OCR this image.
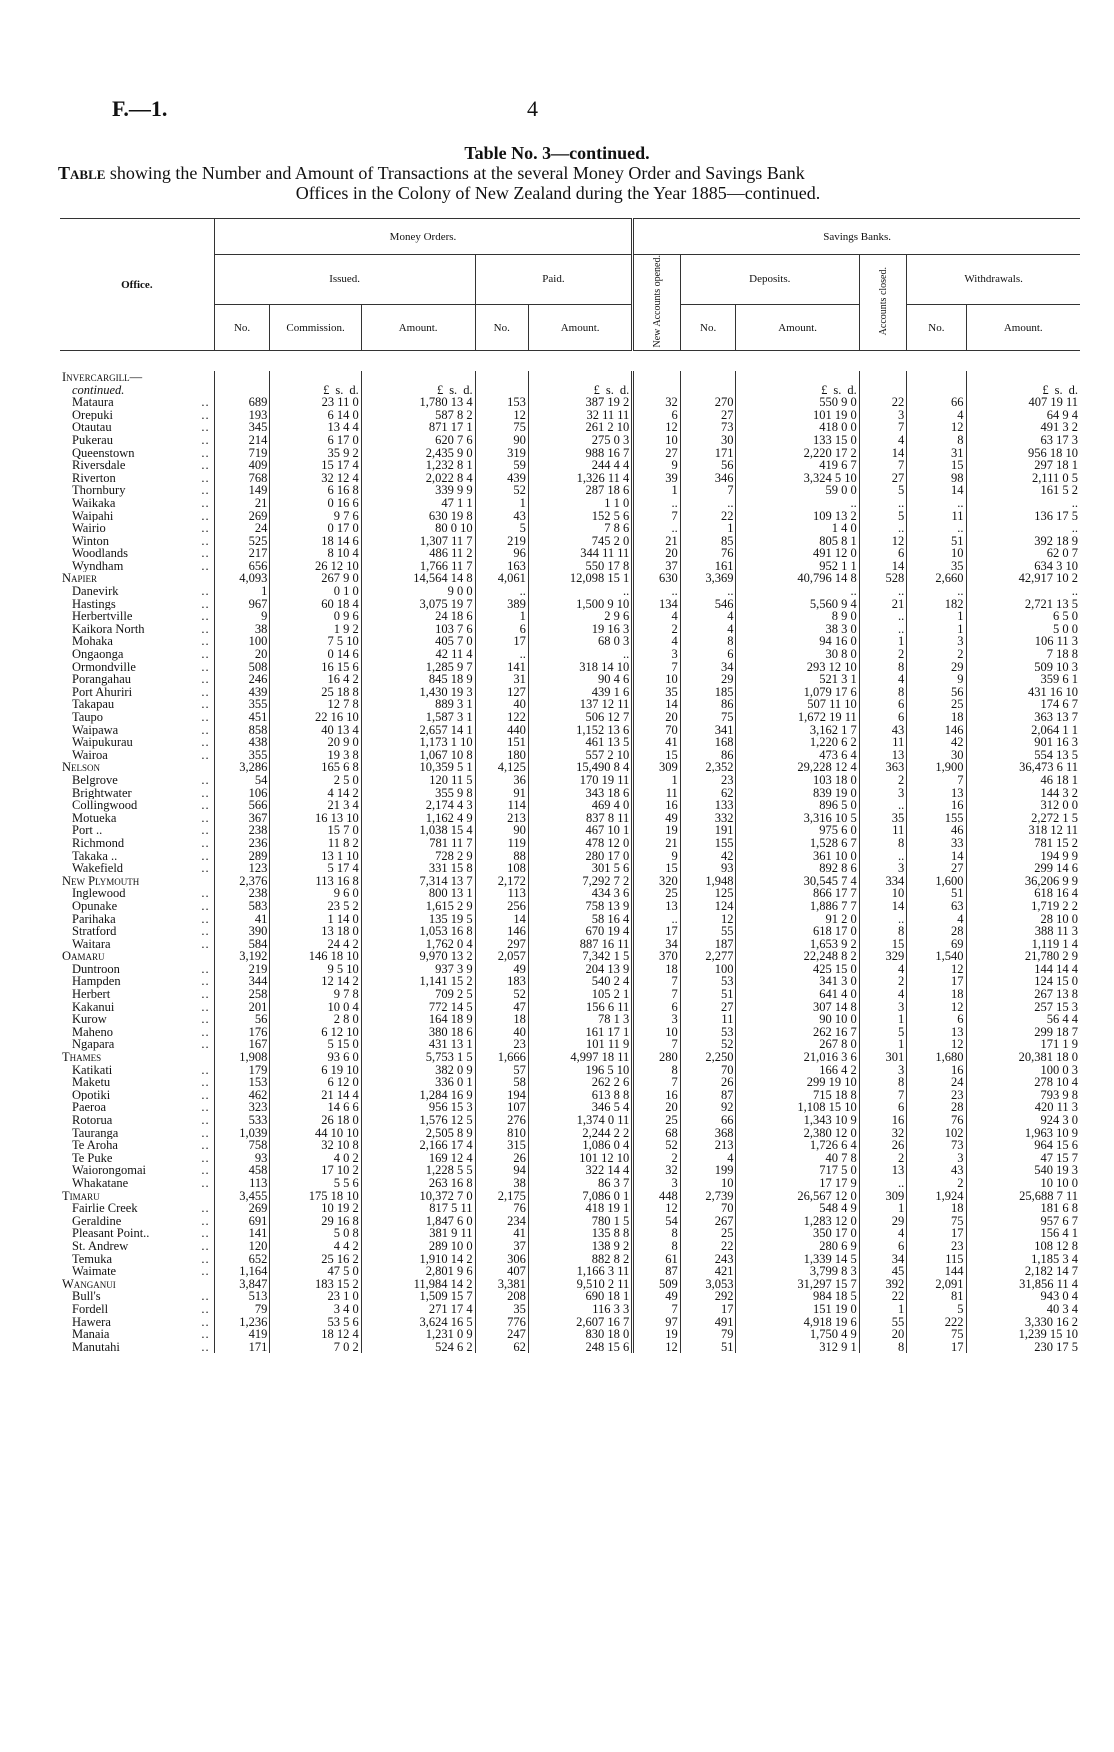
F.—1.	4
Table No. 3—continued.
Table showing the Number and Amount of Transactions at the several Money Order and Savings Bank
Offices in the Colony of New Zealand during the Year 1885—continued.
Office.	Money Orders.					Savings Banks.					
	Issued.			Paid.		New Accounts opened.	Deposits.		Accounts closed.	Withdrawals.	
	No.	Commission.	Amount.	No.	Amount.		No.	Amount.		No.	Amount.

Invercargill—											
continued.		£ s. d.	£ s. d.		£ s. d.			£ s. d.			£ s. d.
Mataura ..	689	23 11 0	1,780 13 4	153	387 19 2	32	270	550 9 0	22	66	407 19 11
Orepuki ..	193	6 14 0	587 8 2	12	32 11 11	6	27	101 19 0	3	4	64 9 4
Otautau ..	345	13 4 4	871 17 1	75	261 2 10	12	73	418 0 0	7	12	491 3 2
Pukerau ..	214	6 17 0	620 7 6	90	275 0 3	10	30	133 15 0	4	8	63 17 3
Queenstown ..	719	35 9 2	2,435 9 0	319	988 16 7	27	171	2,220 17 2	14	31	956 18 10
Riversdale ..	409	15 17 4	1,232 8 1	59	244 4 4	9	56	419 6 7	7	15	297 18 1
Riverton ..	768	32 12 4	2,022 8 4	439	1,326 11 4	39	346	3,324 5 10	27	98	2,111 0 5
Thornbury ..	149	6 16 8	339 9 9	52	287 18 6	1	7	59 0 0	5	14	161 5 2
Waikaka ..	21	0 16 6	47 1 1	1	1 1 0	..	..	..	..	..	..
Waipahi ..	269	9 7 6	630 19 8	43	152 5 6	7	22	109 13 2	5	11	136 17 5
Wairio ..	24	0 17 0	80 0 10	5	7 8 6	..	1	1 4 0	..	..	..
Winton ..	525	18 14 6	1,307 11 7	219	745 2 0	21	85	805 8 1	12	51	392 18 9
Woodlands ..	217	8 10 4	486 11 2	96	344 11 11	20	76	491 12 0	6	10	62 0 7
Wyndham ..	656	26 12 10	1,766 11 7	163	550 17 8	37	161	952 1 1	14	35	634 3 10
Napier	4,093	267 9 0	14,564 14 8	4,061	12,098 15 1	630	3,369	40,796 14 8	528	2,660	42,917 10 2
Danevirk ..	1	0 1 0	9 0 0	..	..	..	..	..	..	..	..
Hastings ..	967	60 18 4	3,075 19 7	389	1,500 9 10	134	546	5,560 9 4	21	182	2,721 13 5
Herbertville ..	9	0 9 6	24 18 6	1	2 9 6	4	4	8 9 0	..	1	6 5 0
Kaikora North ..	38	1 9 2	103 7 6	6	19 16 3	2	4	38 3 0	..	1	5 0 0
Mohaka ..	100	7 5 10	405 7 0	17	68 0 3	4	8	94 16 0	1	3	106 11 3
Ongaonga ..	20	0 14 6	42 11 4	..	..	3	6	30 8 0	2	2	7 18 8
Ormondville ..	508	16 15 6	1,285 9 7	141	318 14 10	7	34	293 12 10	8	29	509 10 3
Porangahau ..	246	16 4 2	845 18 9	31	90 4 6	10	29	521 3 1	4	9	359 6 1
Port Ahuriri ..	439	25 18 8	1,430 19 3	127	439 1 6	35	185	1,079 17 6	8	56	431 16 10
Takapau ..	355	12 7 8	889 3 1	40	137 12 11	14	86	507 11 10	6	25	174 6 7
Taupo ..	451	22 16 10	1,587 3 1	122	506 12 7	20	75	1,672 19 11	6	18	363 13 7
Waipawa ..	858	40 13 4	2,657 14 1	440	1,152 13 6	70	341	3,162 1 7	43	146	2,064 1 1
Waipukurau ..	438	20 9 0	1,173 1 10	151	461 13 5	41	168	1,220 6 2	11	42	901 16 3
Wairoa ..	355	19 3 8	1,067 10 8	180	557 2 10	15	86	473 6 4	13	30	554 13 5
Nelson	3,286	165 6 8	10,359 5 1	4,125	15,490 8 4	309	2,352	29,228 12 4	363	1,900	36,473 6 11
Belgrove ..	54	2 5 0	120 11 5	36	170 19 11	1	23	103 18 0	2	7	46 18 1
Brightwater ..	106	4 14 2	355 9 8	91	343 18 6	11	62	839 19 0	3	13	144 3 2
Collingwood ..	566	21 3 4	2,174 4 3	114	469 4 0	16	133	896 5 0	..	16	312 0 0
Motueka ..	367	16 13 10	1,162 4 9	213	837 8 11	49	332	3,316 10 5	35	155	2,272 1 5
Port .. ..	238	15 7 0	1,038 15 4	90	467 10 1	19	191	975 6 0	11	46	318 12 11
Richmond ..	236	11 8 2	781 11 7	119	478 12 0	21	155	1,528 6 7	8	33	781 15 2
Takaka .. ..	289	13 1 10	728 2 9	88	280 17 0	9	42	361 10 0	..	14	194 9 9
Wakefield ..	123	5 17 4	331 15 8	108	301 5 6	15	93	892 8 6	3	27	299 14 6
New Plymouth	2,376	113 16 8	7,314 13 7	2,172	7,292 7 2	320	1,948	30,545 7 4	334	1,600	36,206 9 9
Inglewood ..	238	9 6 0	800 13 1	113	434 3 6	25	125	866 17 7	10	51	618 16 4
Opunake ..	583	23 5 2	1,615 2 9	256	758 13 9	13	124	1,886 7 7	14	63	1,719 2 2
Parihaka ..	41	1 14 0	135 19 5	14	58 16 4	..	12	91 2 0	..	4	28 10 0
Stratford ..	390	13 18 0	1,053 16 8	146	670 19 4	17	55	618 17 0	8	28	388 11 3
Waitara ..	584	24 4 2	1,762 0 4	297	887 16 11	34	187	1,653 9 2	15	69	1,119 1 4
Oamaru	3,192	146 18 10	9,970 13 2	2,057	7,342 1 5	370	2,277	22,248 8 2	329	1,540	21,780 2 9
Duntroon ..	219	9 5 10	937 3 9	49	204 13 9	18	100	425 15 0	4	12	144 14 4
Hampden ..	344	12 14 2	1,141 15 2	183	540 2 4	7	53	341 3 0	2	17	124 15 0
Herbert ..	258	9 7 8	709 2 5	52	105 2 1	7	51	641 4 0	4	18	267 13 8
Kakanui ..	201	10 0 4	772 14 5	47	156 6 11	6	27	307 14 8	3	12	257 15 3
Kurow ..	56	2 8 0	164 18 9	18	78 1 3	3	11	90 10 0	1	6	56 4 4
Maheno ..	176	6 12 10	380 18 6	40	161 17 1	10	53	262 16 7	5	13	299 18 7
Ngapara ..	167	5 15 0	431 13 1	23	101 11 9	7	52	267 8 0	1	12	171 1 9
Thames	1,908	93 6 0	5,753 1 5	1,666	4,997 18 11	280	2,250	21,016 3 6	301	1,680	20,381 18 0
Katikati ..	179	6 19 10	382 0 9	57	196 5 10	8	70	166 4 2	3	16	100 0 3
Maketu ..	153	6 12 0	336 0 1	58	262 2 6	7	26	299 19 10	8	24	278 10 4
Opotiki ..	462	21 14 4	1,284 16 9	194	613 8 8	16	87	715 18 8	7	23	793 9 8
Paeroa ..	323	14 6 6	956 15 3	107	346 5 4	20	92	1,108 15 10	6	28	420 11 3
Rotorua ..	533	26 18 0	1,576 12 5	276	1,374 0 11	25	66	1,343 10 9	16	76	924 3 0
Tauranga ..	1,039	44 10 10	2,505 8 9	810	2,244 2 2	68	368	2,380 12 0	32	102	1,963 10 9
Te Aroha ..	758	32 10 8	2,166 17 4	315	1,086 0 4	52	213	1,726 6 4	26	73	964 15 6
Te Puke ..	93	4 0 2	169 12 4	26	101 12 10	2	4	40 7 8	2	3	47 15 7
Waiorongomai ..	458	17 10 2	1,228 5 5	94	322 14 4	32	199	717 5 0	13	43	540 19 3
Whakatane ..	113	5 5 6	263 16 8	38	86 3 7	3	10	17 17 9	..	2	10 10 0
Timaru	3,455	175 18 10	10,372 7 0	2,175	7,086 0 1	448	2,739	26,567 12 0	309	1,924	25,688 7 11
Fairlie Creek ..	269	10 19 2	817 5 11	76	418 19 1	12	70	548 4 9	1	18	181 6 8
Geraldine ..	691	29 16 8	1,847 6 0	234	780 1 5	54	267	1,283 12 0	29	75	957 6 7
Pleasant Point.. ..	141	5 0 8	381 9 11	41	135 8 8	8	25	350 17 0	4	17	156 4 1
St. Andrew ..	120	4 4 2	289 10 0	37	138 9 2	8	22	280 6 9	6	23	108 12 8
Temuka ..	652	25 16 2	1,910 14 2	306	882 8 2	61	243	1,339 14 5	34	115	1,185 3 4
Waimate ..	1,164	47 5 0	2,801 9 6	407	1,166 3 11	87	421	3,799 8 3	45	144	2,182 14 7
Wanganui	3,847	183 15 2	11,984 14 2	3,381	9,510 2 11	509	3,053	31,297 15 7	392	2,091	31,856 11 4
Bull's ..	513	23 1 0	1,509 15 7	208	690 18 1	49	292	984 18 5	22	81	943 0 4
Fordell ..	79	3 4 0	271 17 4	35	116 3 3	7	17	151 19 0	1	5	40 3 4
Hawera ..	1,236	53 5 6	3,624 16 5	776	2,607 16 7	97	491	4,918 19 6	55	222	3,330 16 2
Manaia ..	419	18 12 4	1,231 0 9	247	830 18 0	19	79	1,750 4 9	20	75	1,239 15 10
Manutahi ..	171	7 0 2	524 6 2	62	248 15 6	12	51	312 9 1	8	17	230 17 5
